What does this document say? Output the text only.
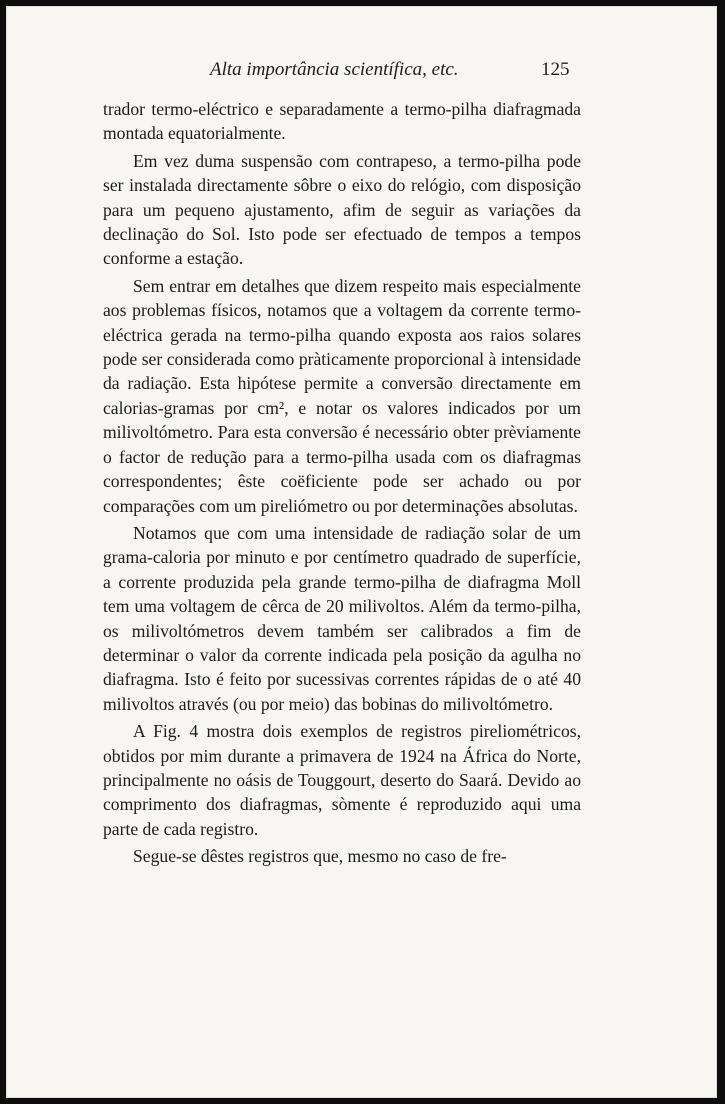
Alta importância scientífica, etc.	125

trador termo-eléctrico e separadamente a termo-pilha diafragmada montada equatorialmente.

Em vez duma suspensão com contrapeso, a termo-pilha pode ser instalada directamente sôbre o eixo do relógio, com disposição para um pequeno ajustamento, afim de seguir as variações da declinação do Sol. Isto pode ser efectuado de tempos a tempos conforme a estação.

Sem entrar em detalhes que dizem respeito mais especialmente aos problemas físicos, notamos que a voltagem da corrente termo-eléctrica gerada na termo-pilha quando exposta aos raios solares pode ser considerada como pràticamente proporcional à intensidade da radiação. Esta hipótese permite a conversão directamente em calorias-gramas por cm², e notar os valores indicados por um milivoltómetro. Para esta conversão é necessário obter prèviamente o factor de redução para a termo-pilha usada com os diafragmas correspondentes; êste coëficiente pode ser achado ou por comparações com um pireliómetro ou por determinações absolutas.

Notamos que com uma intensidade de radiação solar de um grama-caloria por minuto e por centímetro quadrado de superfície, a corrente produzida pela grande termo-pilha de diafragma Moll tem uma voltagem de cêrca de 20 milivoltos. Além da termo-pilha, os milivoltómetros devem também ser calibrados a fim de determinar o valor da corrente indicada pela posição da agulha no diafragma. Isto é feito por sucessivas correntes rápidas de o até 40 milivoltos através (ou por meio) das bobinas do milivoltómetro.

A Fig. 4 mostra dois exemplos de registros pireliométricos, obtidos por mim durante a primavera de 1924 na África do Norte, principalmente no oásis de Touggourt, deserto do Saará. Devido ao comprimento dos diafragmas, sòmente é reproduzido aqui uma parte de cada registro.

Segue-se dêstes registros que, mesmo no caso de fre-
